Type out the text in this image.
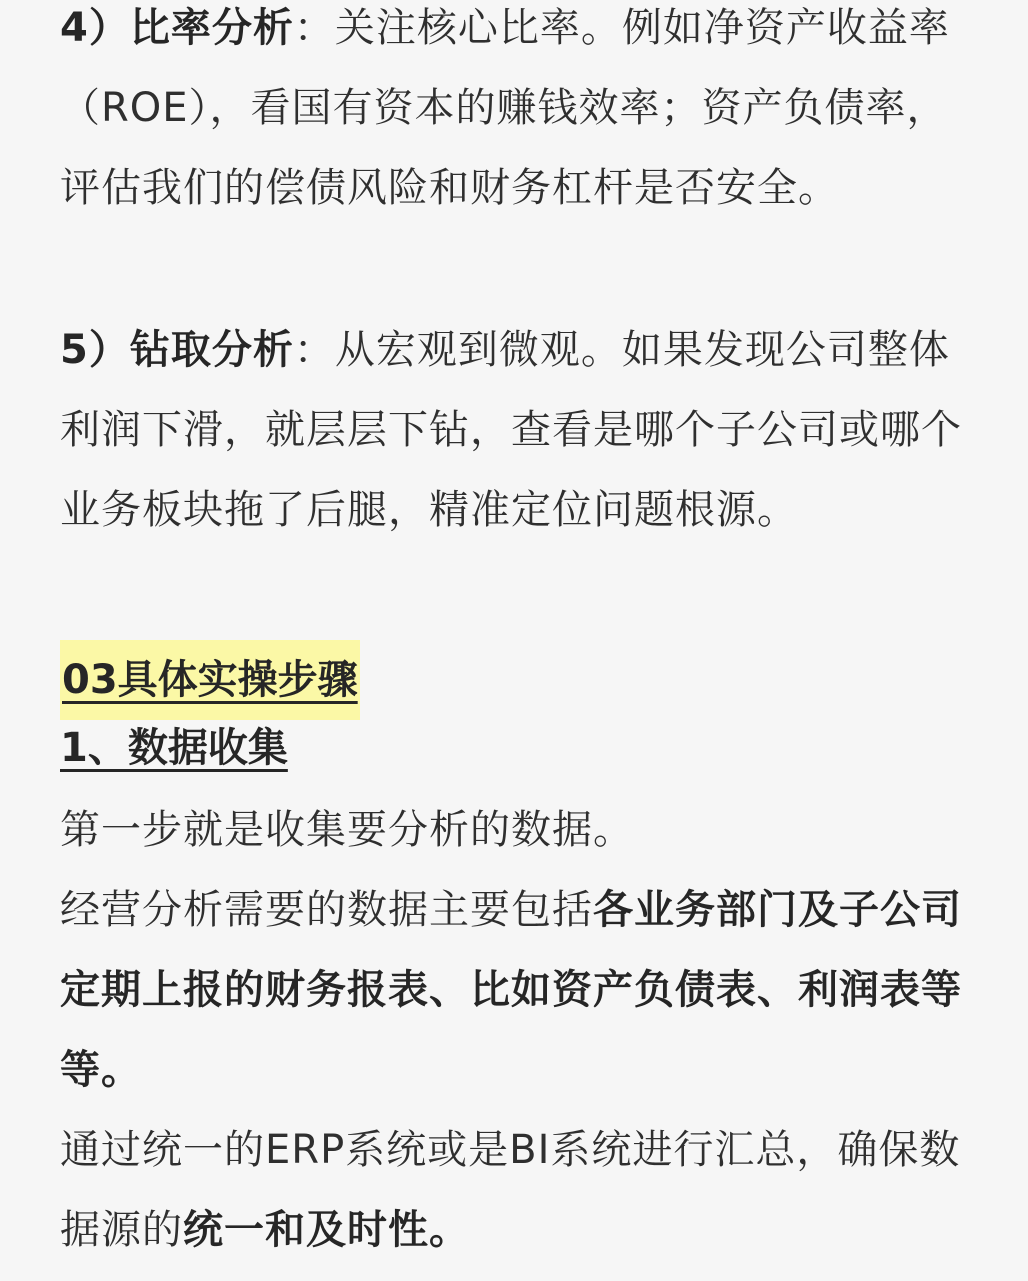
4）比率分析：关注核心比率。例如净资产收益率（ROE），看国有资本的赚钱效率；资产负债率，评估我们的偿债风险和财务杠杆是否安全。

5）钻取分析：从宏观到微观。如果发现公司整体利润下滑，就层层下钻，查看是哪个子公司或哪个业务板块拖了后腿，精准定位问题根源。

03具体实操步骤
1、数据收集

第一步就是收集要分析的数据。

经营分析需要的数据主要包括各业务部门及子公司定期上报的财务报表、比如资产负债表、利润表等等。

通过统一的ERP系统或是BI系统进行汇总，确保数据源的统一和及时性。
